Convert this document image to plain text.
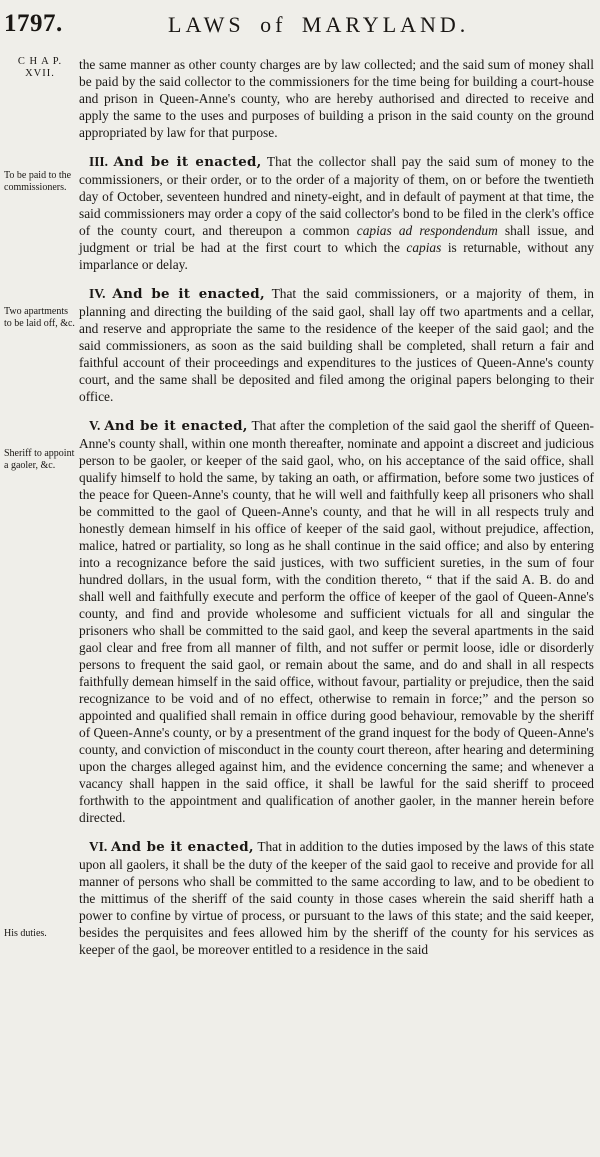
1797.	LAWS of MARYLAND.
C H A P.
XVII.
To be paid to the commissioners.
Two apartments to be laid off, &c.
Sheriff to appoint a gaoler, &c.
His duties.

the same manner as other county charges are by law collected; and the said sum of money shall be paid by the said collector to the commissioners for the time being for building a court-house and prison in Queen-Anne's county, who are hereby authorised and directed to receive and apply the same to the uses and purposes of building a prison in the said county on the ground appropriated by law for that purpose.

III. And be it enacted, That the collector shall pay the said sum of money to the commissioners, or their order, or to the order of a majority of them, on or before the twentieth day of October, seventeen hundred and ninety-eight, and in default of payment at that time, the said commissioners may order a copy of the said collector's bond to be filed in the clerk's office of the county court, and thereupon a common capias ad respondendum shall issue, and judgment or trial be had at the first court to which the capias is returnable, without any imparlance or delay.

IV. And be it enacted, That the said commissioners, or a majority of them, in planning and directing the building of the said gaol, shall lay off two apartments and a cellar, and reserve and appropriate the same to the residence of the keeper of the said gaol; and the said commissioners, as soon as the said building shall be completed, shall return a fair and faithful account of their proceedings and expenditures to the justices of Queen-Anne's county court, and the same shall be deposited and filed among the original papers belonging to their office.

V. And be it enacted, That after the completion of the said gaol the sheriff of Queen-Anne's county shall, within one month thereafter, nominate and appoint a discreet and judicious person to be gaoler, or keeper of the said gaol, who, on his acceptance of the said office, shall qualify himself to hold the same, by taking an oath, or affirmation, before some two justices of the peace for Queen-Anne's county, that he will well and faithfully keep all prisoners who shall be committed to the gaol of Queen-Anne's county, and that he will in all respects truly and honestly demean himself in his office of keeper of the said gaol, without prejudice, affection, malice, hatred or partiality, so long as he shall continue in the said office; and also by entering into a recognizance before the said justices, with two sufficient sureties, in the sum of four hundred dollars, in the usual form, with the condition thereto, “ that if the said A. B. do and shall well and faithfully execute and perform the office of keeper of the gaol of Queen-Anne's county, and find and provide wholesome and sufficient victuals for all and singular the prisoners who shall be committed to the said gaol, and keep the several apartments in the said gaol clear and free from all manner of filth, and not suffer or permit loose, idle or disorderly persons to frequent the said gaol, or remain about the same, and do and shall in all respects faithfully demean himself in the said office, without favour, partiality or prejudice, then the said recognizance to be void and of no effect, otherwise to remain in force;” and the person so appointed and qualified shall remain in office during good behaviour, removable by the sheriff of Queen-Anne's county, or by a presentment of the grand inquest for the body of Queen-Anne's county, and conviction of misconduct in the county court thereon, after hearing and determining upon the charges alleged against him, and the evidence concerning the same; and whenever a vacancy shall happen in the said office, it shall be lawful for the said sheriff to proceed forthwith to the appointment and qualification of another gaoler, in the manner herein before directed.

VI. And be it enacted, That in addition to the duties imposed by the laws of this state upon all gaolers, it shall be the duty of the keeper of the said gaol to receive and provide for all manner of persons who shall be committed to the same according to law, and to be obedient to the mittimus of the sheriff of the said county in those cases wherein the said sheriff hath a power to confine by virtue of process, or pursuant to the laws of this state; and the said keeper, besides the perquisites and fees allowed him by the sheriff of the county for his services as keeper of the gaol, be moreover entitled to a residence in the said
